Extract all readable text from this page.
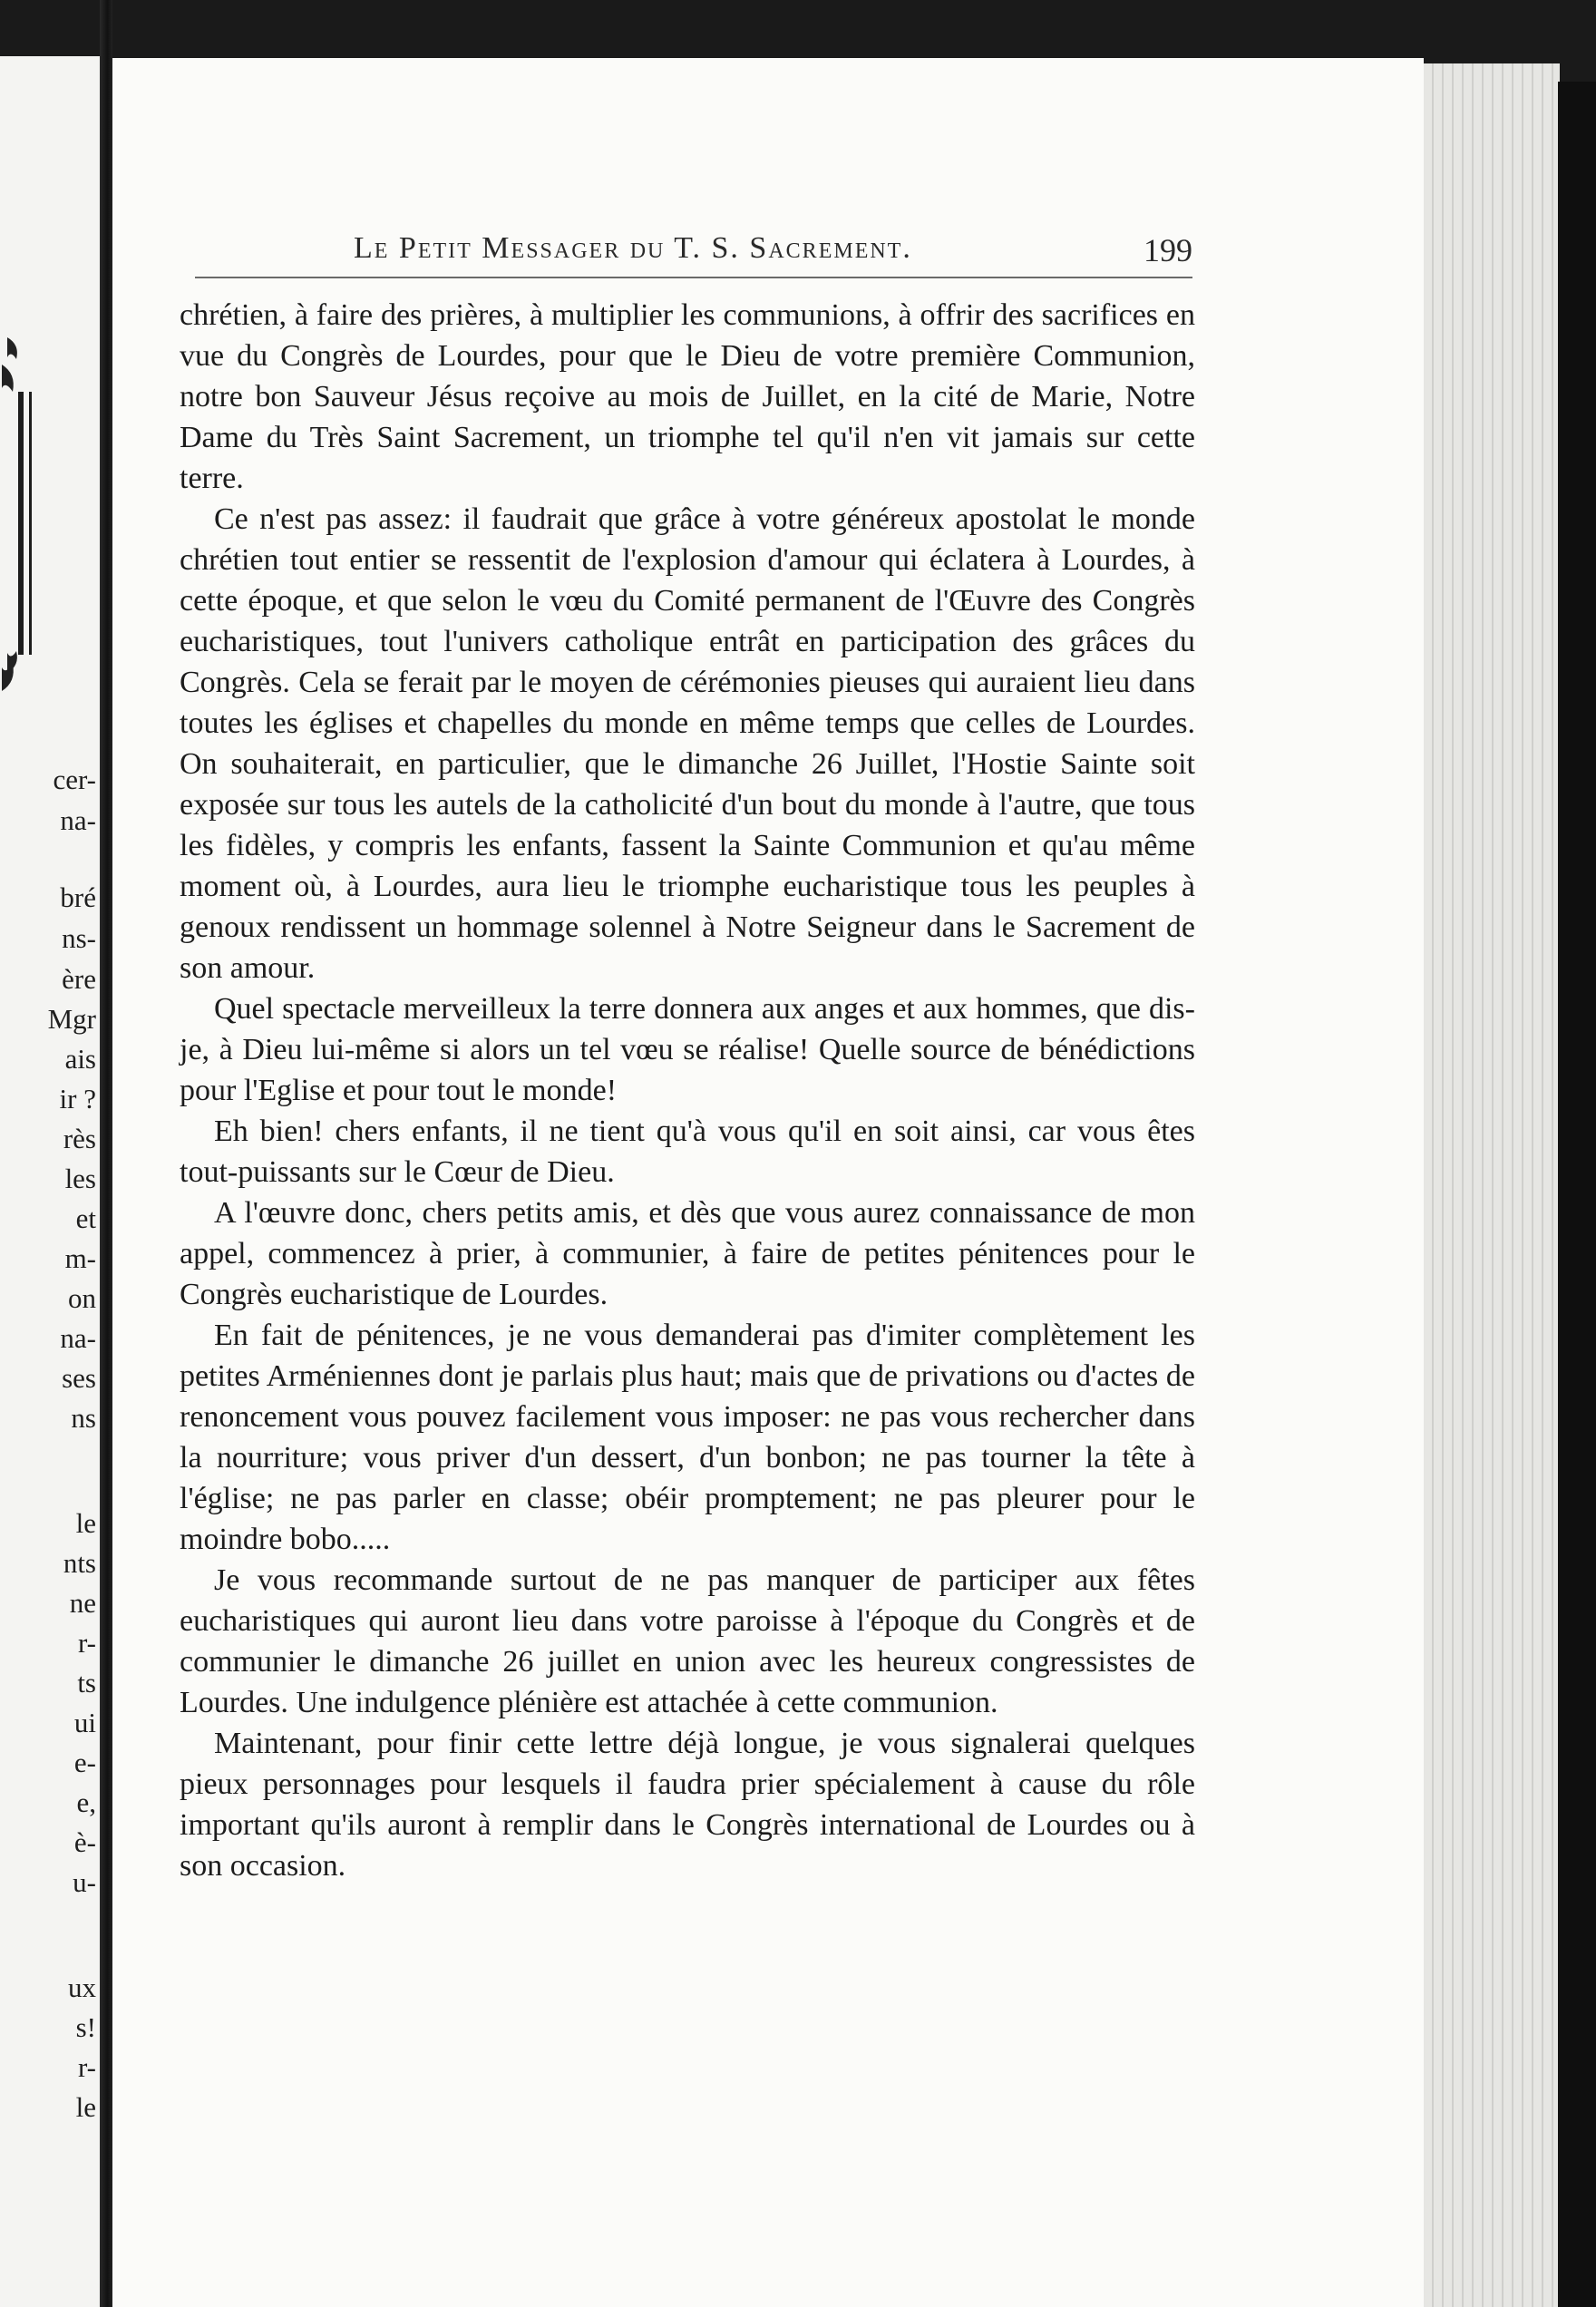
cer-
na-
bré
ns-
ère
Mgr
ais
ir ?
rès
les
et
m-
on
na-
ses
ns
le
nts
ne
r-
ts
ui
e-
e,
è-
u-
ux
s!
r-
le
Le Petit Messager du T. S. Sacrement.	199

chrétien, à faire des prières, à multiplier les communions, à offrir des sacrifices en vue du Congrès de Lourdes, pour que le Dieu de votre première Communion, notre bon Sauveur Jésus reçoive au mois de Juillet, en la cité de Marie, Notre Dame du Très Saint Sacrement, un triomphe tel qu'il n'en vit jamais sur cette terre.

Ce n'est pas assez: il faudrait que grâce à votre généreux apostolat le monde chrétien tout entier se ressentit de l'explosion d'amour qui éclatera à Lourdes, à cette époque, et que selon le vœu du Comité permanent de l'Œuvre des Congrès eucharistiques, tout l'univers catholique entrât en participation des grâces du Congrès. Cela se ferait par le moyen de cérémonies pieuses qui auraient lieu dans toutes les églises et chapelles du monde en même temps que celles de Lourdes. On souhaiterait, en particulier, que le dimanche 26 Juillet, l'Hostie Sainte soit exposée sur tous les autels de la catholicité d'un bout du monde à l'autre, que tous les fidèles, y compris les enfants, fassent la Sainte Communion et qu'au même moment où, à Lourdes, aura lieu le triomphe eucharistique tous les peuples à genoux rendissent un hommage solennel à Notre Seigneur dans le Sacrement de son amour.

Quel spectacle merveilleux la terre donnera aux anges et aux hommes, que dis-je, à Dieu lui-même si alors un tel vœu se réalise! Quelle source de bénédictions pour l'Eglise et pour tout le monde!

Eh bien! chers enfants, il ne tient qu'à vous qu'il en soit ainsi, car vous êtes tout-puissants sur le Cœur de Dieu.

A l'œuvre donc, chers petits amis, et dès que vous aurez connaissance de mon appel, commencez à prier, à communier, à faire de petites pénitences pour le Congrès eucharistique de Lourdes.

En fait de pénitences, je ne vous demanderai pas d'imiter complètement les petites Arméniennes dont je parlais plus haut; mais que de privations ou d'actes de renoncement vous pouvez facilement vous imposer: ne pas vous rechercher dans la nourriture; vous priver d'un dessert, d'un bonbon; ne pas tourner la tête à l'église; ne pas parler en classe; obéir promptement; ne pas pleurer pour le moindre bobo.....

Je vous recommande surtout de ne pas manquer de participer aux fêtes eucharistiques qui auront lieu dans votre paroisse à l'époque du Congrès et de communier le dimanche 26 juillet en union avec les heureux congressistes de Lourdes. Une indulgence plénière est attachée à cette communion.

Maintenant, pour finir cette lettre déjà longue, je vous signalerai quelques pieux personnages pour lesquels il faudra prier spécialement à cause du rôle important qu'ils auront à remplir dans le Congrès international de Lourdes ou à son occasion.
